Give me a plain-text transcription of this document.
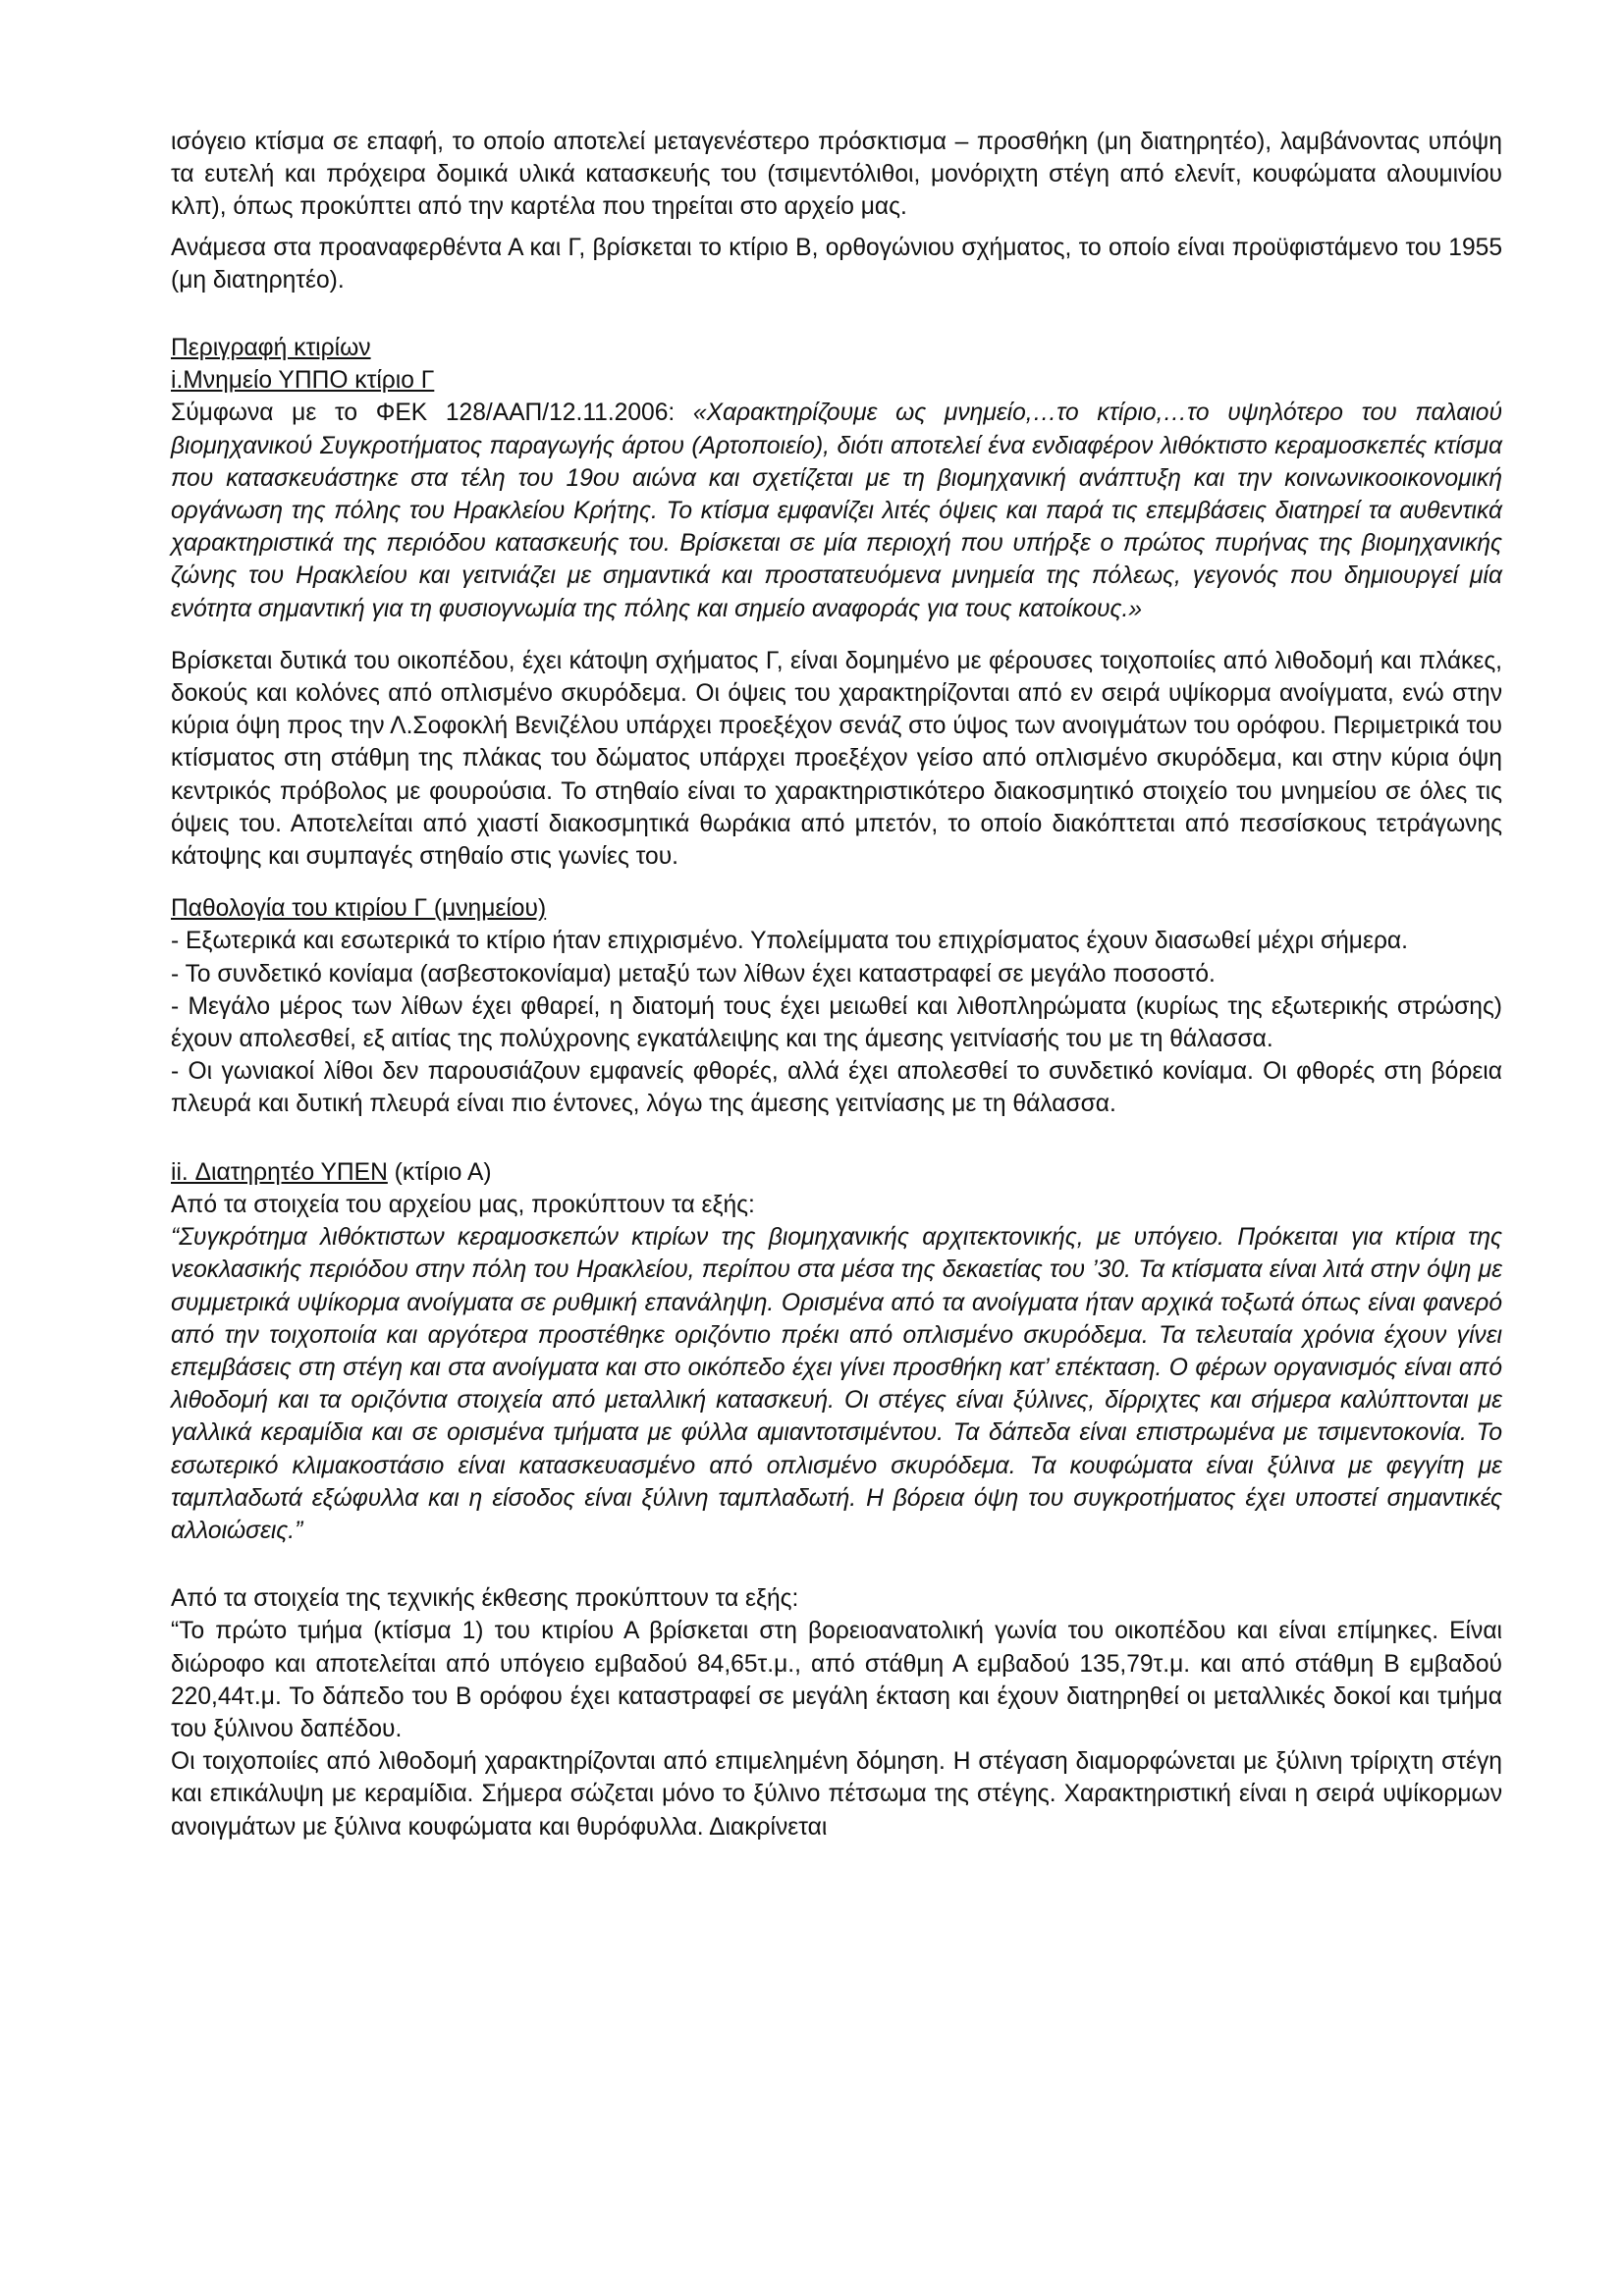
ισόγειο κτίσμα σε επαφή, το οποίο αποτελεί μεταγενέστερο πρόσκτισμα – προσθήκη (μη διατηρητέο), λαμβάνοντας υπόψη τα ευτελή και πρόχειρα δομικά υλικά κατασκευής του (τσιμεντόλιθοι, μονόριχτη στέγη από ελενίτ, κουφώματα αλουμινίου κλπ), όπως προκύπτει από την καρτέλα που τηρείται στο αρχείο μας.

Ανάμεσα στα προαναφερθέντα Α και Γ, βρίσκεται το κτίριο Β, ορθογώνιου σχήματος, το οποίο είναι προϋφιστάμενο του 1955 (μη διατηρητέο).

Περιγραφή κτιρίων

i.Μνημείο ΥΠΠΟ κτίριο Γ

Σύμφωνα με το ΦΕΚ 128/ΑΑΠ/12.11.2006: «Χαρακτηρίζουμε ως μνημείο,…το κτίριο,…το υψηλότερο του παλαιού βιομηχανικού Συγκροτήματος παραγωγής άρτου (Αρτοποιείο), διότι αποτελεί ένα ενδιαφέρον λιθόκτιστο κεραμοσκεπές κτίσμα που κατασκευάστηκε στα τέλη του 19ου αιώνα και σχετίζεται με τη βιομηχανική ανάπτυξη και την κοινωνικοοικονομική οργάνωση της πόλης του Ηρακλείου Κρήτης. Το κτίσμα εμφανίζει λιτές όψεις και παρά τις επεμβάσεις διατηρεί τα αυθεντικά χαρακτηριστικά της περιόδου κατασκευής του. Βρίσκεται σε μία περιοχή που υπήρξε ο πρώτος πυρήνας της βιομηχανικής ζώνης του Ηρακλείου και γειτνιάζει με σημαντικά και προστατευόμενα μνημεία της πόλεως, γεγονός που δημιουργεί μία ενότητα σημαντική για τη φυσιογνωμία της πόλης και σημείο αναφοράς για τους κατοίκους.»

Βρίσκεται δυτικά του οικοπέδου, έχει κάτοψη σχήματος Γ, είναι δομημένο με φέρουσες τοιχοποιίες από λιθοδομή και πλάκες, δοκούς και κολόνες από οπλισμένο σκυρόδεμα. Οι όψεις του χαρακτηρίζονται από εν σειρά υψίκορμα ανοίγματα, ενώ στην κύρια όψη προς την Λ.Σοφοκλή Βενιζέλου υπάρχει προεξέχον σενάζ στο ύψος των ανοιγμάτων του ορόφου. Περιμετρικά του κτίσματος στη στάθμη της πλάκας του δώματος υπάρχει προεξέχον γείσο από οπλισμένο σκυρόδεμα, και στην κύρια όψη κεντρικός πρόβολος με φουρούσια. Το στηθαίο είναι το χαρακτηριστικότερο διακοσμητικό στοιχείο του μνημείου σε όλες τις όψεις του. Αποτελείται από χιαστί διακοσμητικά θωράκια από μπετόν, το οποίο διακόπτεται από πεσσίσκους τετράγωνης κάτοψης και συμπαγές στηθαίο στις γωνίες του.

Παθολογία του κτιρίου Γ (μνημείου)

- Εξωτερικά και εσωτερικά το κτίριο ήταν επιχρισμένο. Υπολείμματα του επιχρίσματος έχουν διασωθεί μέχρι σήμερα.

- Το συνδετικό κονίαμα (ασβεστοκονίαμα) μεταξύ των λίθων έχει καταστραφεί σε μεγάλο ποσοστό.

- Μεγάλο μέρος των λίθων έχει φθαρεί, η διατομή τους έχει μειωθεί και λιθοπληρώματα (κυρίως της εξωτερικής στρώσης) έχουν απολεσθεί, εξ αιτίας της πολύχρονης εγκατάλειψης και της άμεσης γειτνίασής του με τη θάλασσα.

- Οι γωνιακοί λίθοι δεν παρουσιάζουν εμφανείς φθορές, αλλά έχει απολεσθεί το συνδετικό κονίαμα. Οι φθορές στη βόρεια πλευρά και δυτική πλευρά είναι πιο έντονες, λόγω της άμεσης γειτνίασης με τη θάλασσα.

ii. Διατηρητέο ΥΠΕΝ (κτίριο Α)

Από τα στοιχεία του αρχείου μας, προκύπτουν τα εξής:

“Συγκρότημα λιθόκτιστων κεραμοσκεπών κτιρίων της βιομηχανικής αρχιτεκτονικής, με υπόγειο. Πρόκειται για κτίρια της νεοκλασικής περιόδου στην πόλη του Ηρακλείου, περίπου στα μέσα της δεκαετίας του ’30. Τα κτίσματα είναι λιτά στην όψη με συμμετρικά υψίκορμα ανοίγματα σε ρυθμική επανάληψη. Ορισμένα από τα ανοίγματα ήταν αρχικά τοξωτά όπως είναι φανερό από την τοιχοποιία και αργότερα προστέθηκε οριζόντιο πρέκι από οπλισμένο σκυρόδεμα. Τα τελευταία χρόνια έχουν γίνει επεμβάσεις στη στέγη και στα ανοίγματα και στο οικόπεδο έχει γίνει προσθήκη κατ’ επέκταση. Ο φέρων οργανισμός είναι από λιθοδομή και τα οριζόντια στοιχεία από μεταλλική κατασκευή. Οι στέγες είναι ξύλινες, δίρριχτες και σήμερα καλύπτονται με γαλλικά κεραμίδια και σε ορισμένα τμήματα με φύλλα αμιαντοτσιμέντου. Τα δάπεδα είναι επιστρωμένα με τσιμεντοκονία. Το εσωτερικό κλιμακοστάσιο είναι κατασκευασμένο από οπλισμένο σκυρόδεμα. Τα κουφώματα είναι ξύλινα με φεγγίτη με ταμπλαδωτά εξώφυλλα και η είσοδος είναι ξύλινη ταμπλαδωτή. Η βόρεια όψη του συγκροτήματος έχει υποστεί σημαντικές αλλοιώσεις.”

Από τα στοιχεία της τεχνικής έκθεσης προκύπτουν τα εξής:

“Το πρώτο τμήμα (κτίσμα 1) του κτιρίου Α βρίσκεται στη βορειοανατολική γωνία του οικοπέδου και είναι επίμηκες. Είναι διώροφο και αποτελείται από υπόγειο εμβαδού 84,65τ.μ., από στάθμη Α εμβαδού 135,79τ.μ. και από στάθμη Β εμβαδού 220,44τ.μ. Το δάπεδο του Β ορόφου έχει καταστραφεί σε μεγάλη έκταση και έχουν διατηρηθεί οι μεταλλικές δοκοί και τμήμα του ξύλινου δαπέδου.

Οι τοιχοποιίες από λιθοδομή χαρακτηρίζονται από επιμελημένη δόμηση. Η στέγαση διαμορφώνεται με ξύλινη τρίριχτη στέγη και επικάλυψη με κεραμίδια. Σήμερα σώζεται μόνο το ξύλινο πέτσωμα της στέγης. Χαρακτηριστική είναι η σειρά υψίκορμων ανοιγμάτων με ξύλινα κουφώματα και θυρόφυλλα. Διακρίνεται
